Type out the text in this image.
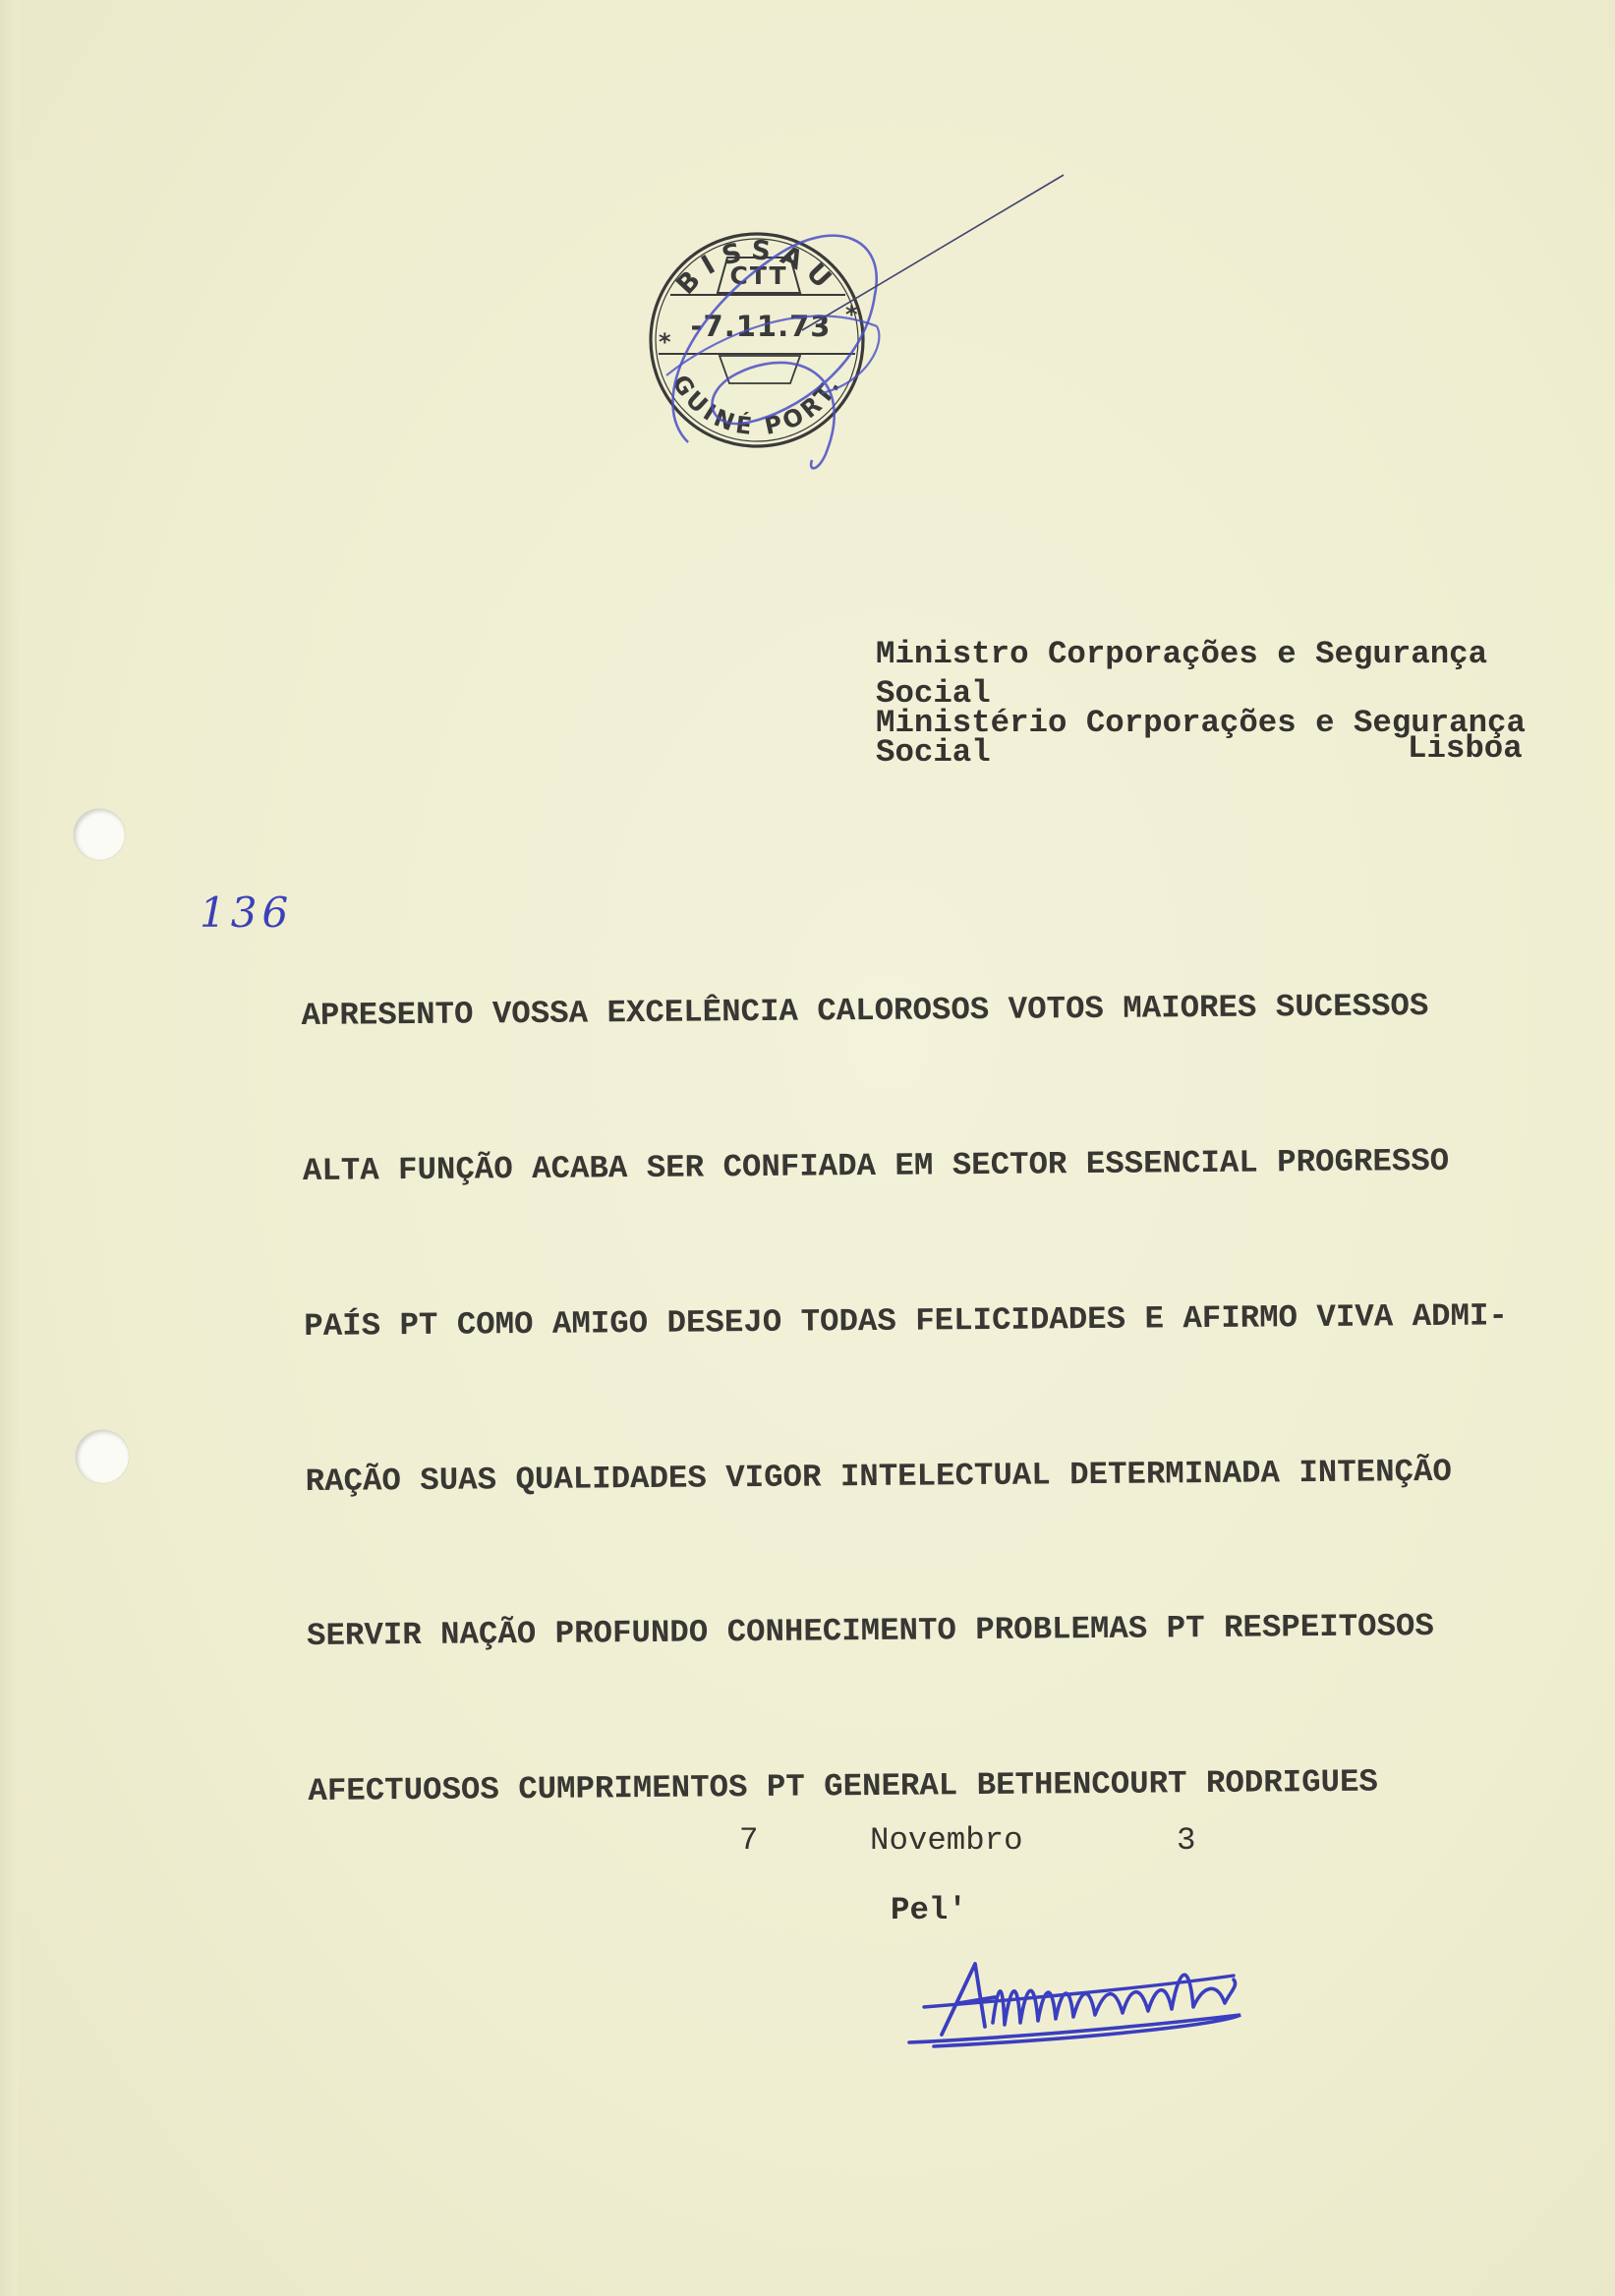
BISSAU
CTT
-7.11.73
*
*
GUINÉ PORT.
Ministro Corporações e Segurança
Social
Ministério Corporações e Segurança
Social	Lisboa
136

APRESENTO VOSSA EXCELÊNCIA CALOROSOS VOTOS MAIORES SUCESSOS

ALTA FUNÇÃO ACABA SER CONFIADA EM SECTOR ESSENCIAL PROGRESSO

PAÍS PT COMO AMIGO DESEJO TODAS FELICIDADES E AFIRMO VIVA ADMI-

RAÇÃO SUAS QUALIDADES VIGOR INTELECTUAL DETERMINADA INTENÇÃO

SERVIR NAÇÃO PROFUNDO CONHECIMENTO PROBLEMAS PT RESPEITOSOS

AFECTUOSOS CUMPRIMENTOS PT GENERAL BETHENCOURT RODRIGUES

7	Novembro	3
Pel'
